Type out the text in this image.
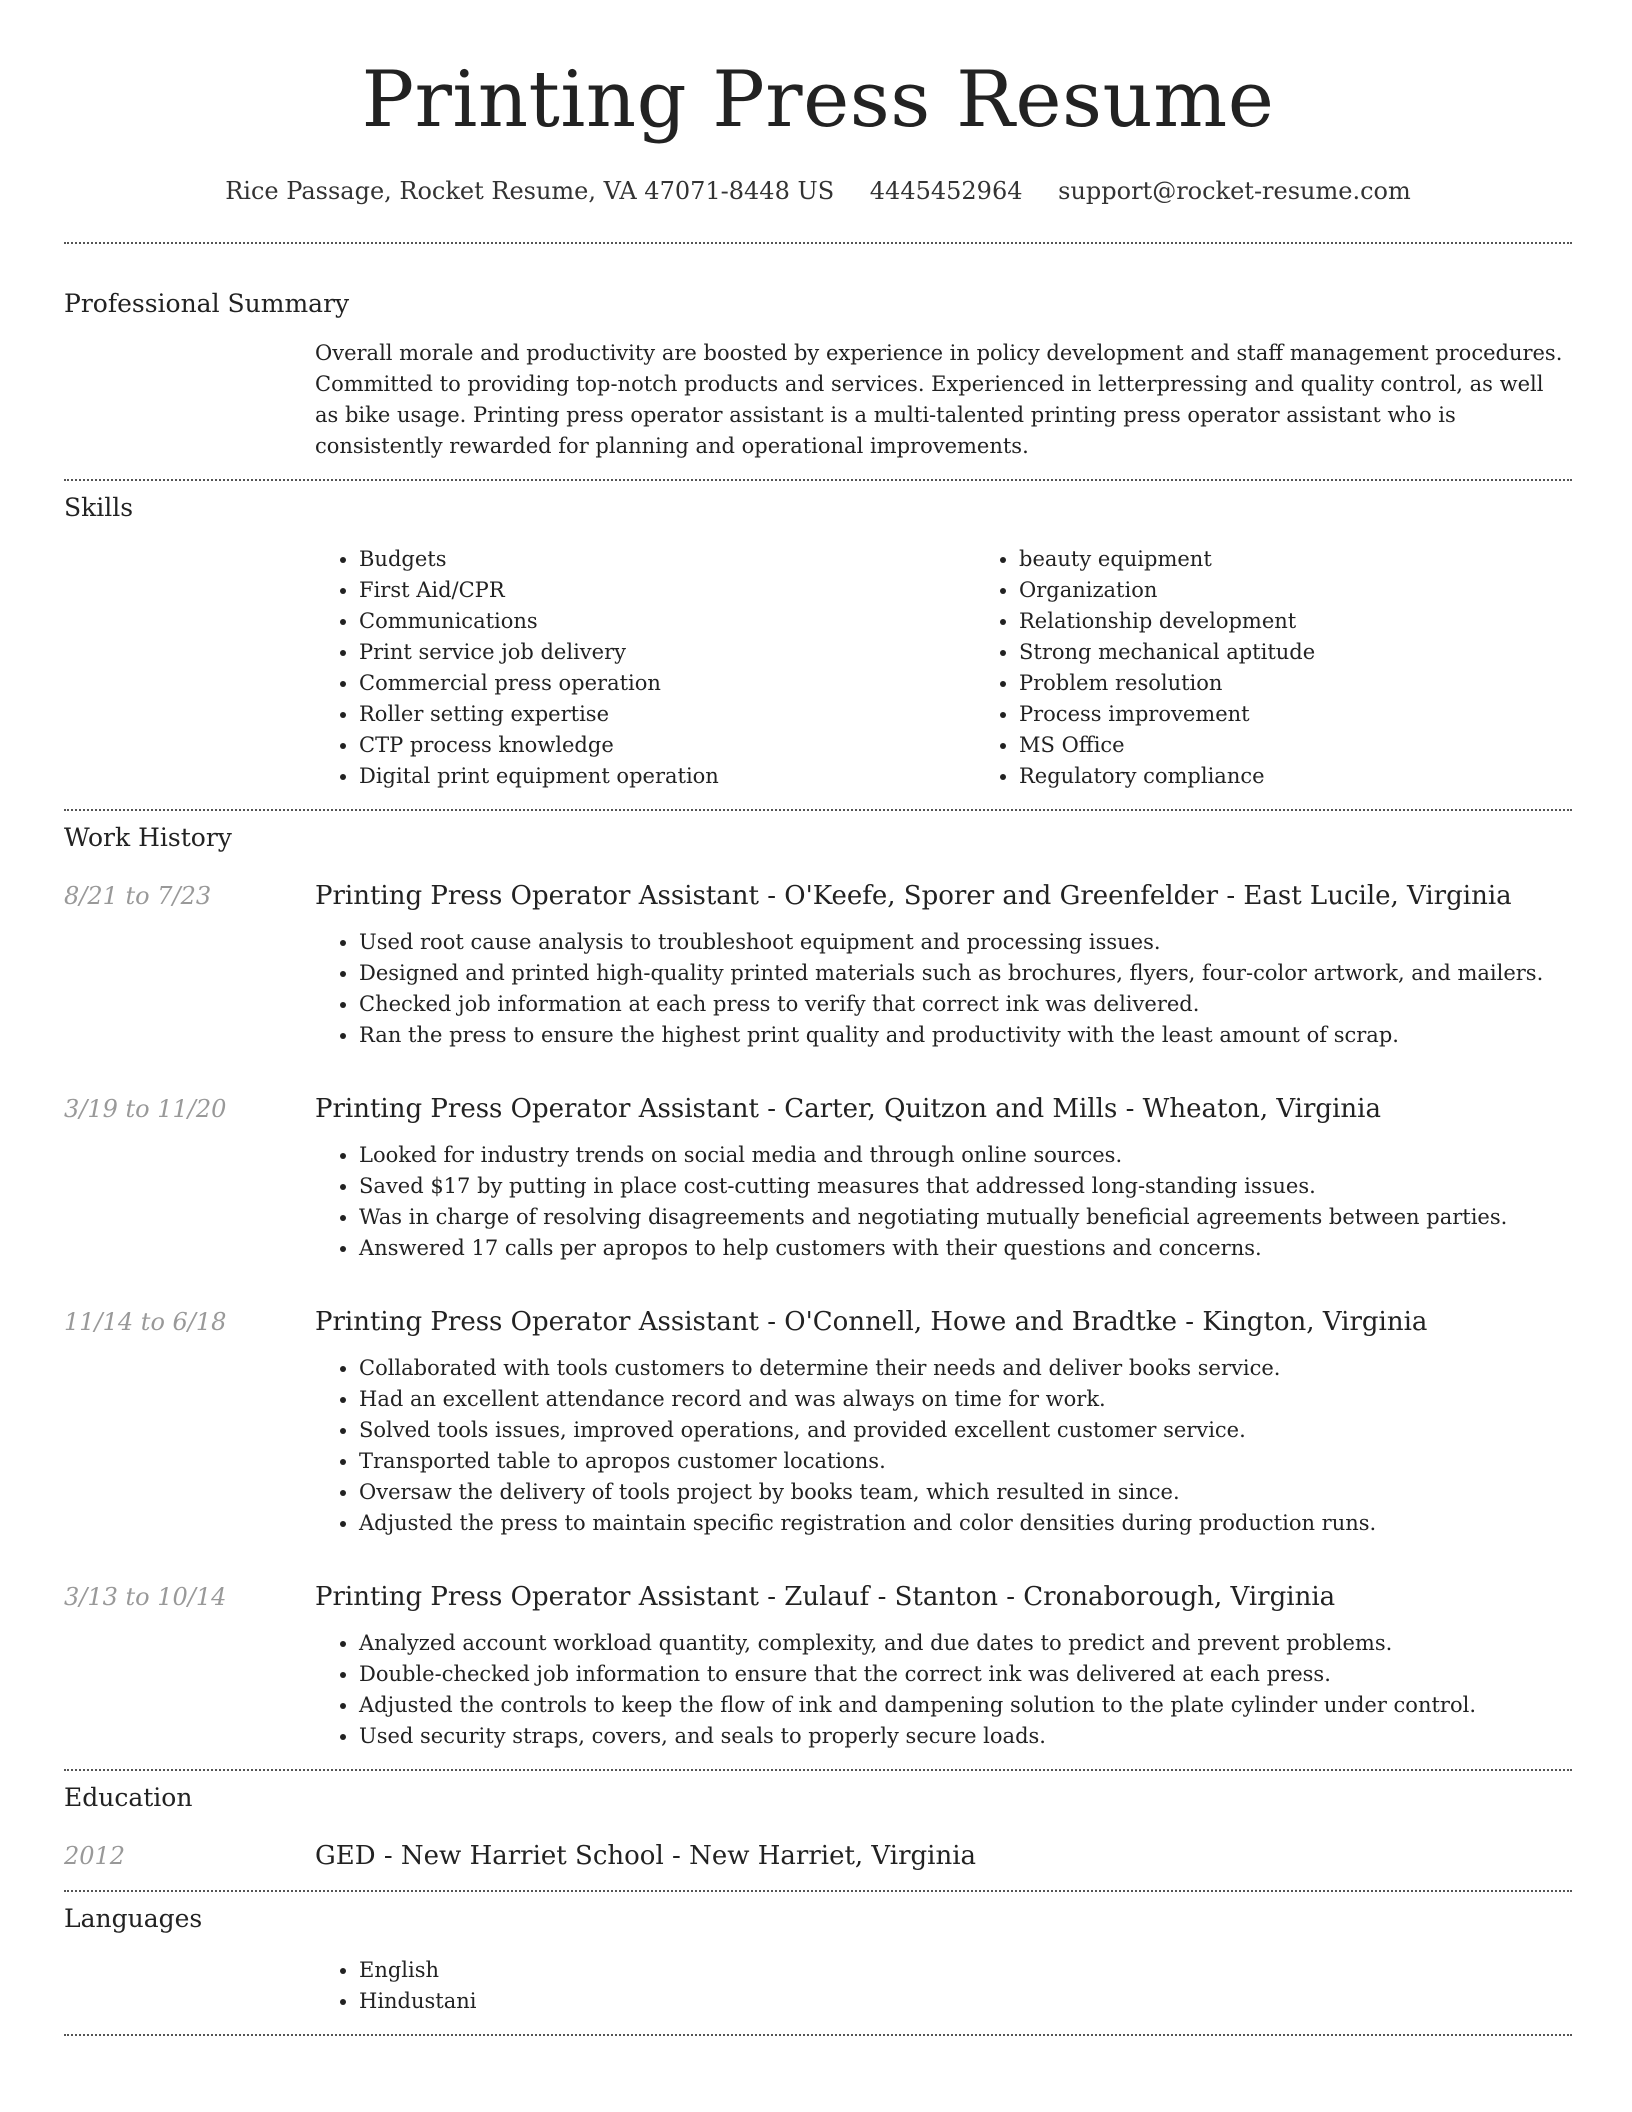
Printing Press Resume
Rice Passage, Rocket Resume, VA 47071-8448 US 4445452964 support@rocket-resume.com
Professional Summary

Overall morale and productivity are boosted by experience in policy development and staff management procedures. Committed to providing top-notch products and services. Experienced in letterpressing and quality control, as well as bike usage. Printing press operator assistant is a multi-talented printing press operator assistant who is consistently rewarded for planning and operational improvements.

Skills
• Budgets
• First Aid/CPR
• Communications
• Print service job delivery
• Commercial press operation
• Roller setting expertise
• CTP process knowledge
• Digital print equipment operation
• beauty equipment
• Organization
• Relationship development
• Strong mechanical aptitude
• Problem resolution
• Process improvement
• MS Office
• Regulatory compliance
Work History
8/21 to 7/23	Printing Press Operator Assistant - O'Keefe, Sporer and Greenfelder - East Lucile, Virginia
• Used root cause analysis to troubleshoot equipment and processing issues.
• Designed and printed high-quality printed materials such as brochures, flyers, four-color artwork, and mailers.
• Checked job information at each press to verify that correct ink was delivered.
• Ran the press to ensure the highest print quality and productivity with the least amount of scrap.
3/19 to 11/20	Printing Press Operator Assistant - Carter, Quitzon and Mills - Wheaton, Virginia
• Looked for industry trends on social media and through online sources.
• Saved $17 by putting in place cost-cutting measures that addressed long-standing issues.
• Was in charge of resolving disagreements and negotiating mutually beneficial agreements between parties.
• Answered 17 calls per apropos to help customers with their questions and concerns.
11/14 to 6/18	Printing Press Operator Assistant - O'Connell, Howe and Bradtke - Kington, Virginia
• Collaborated with tools customers to determine their needs and deliver books service.
• Had an excellent attendance record and was always on time for work.
• Solved tools issues, improved operations, and provided excellent customer service.
• Transported table to apropos customer locations.
• Oversaw the delivery of tools project by books team, which resulted in since.
• Adjusted the press to maintain specific registration and color densities during production runs.
3/13 to 10/14	Printing Press Operator Assistant - Zulauf - Stanton - Cronaborough, Virginia
• Analyzed account workload quantity, complexity, and due dates to predict and prevent problems.
• Double-checked job information to ensure that the correct ink was delivered at each press.
• Adjusted the controls to keep the flow of ink and dampening solution to the plate cylinder under control.
• Used security straps, covers, and seals to properly secure loads.
Education
2012	GED - New Harriet School - New Harriet, Virginia
Languages
• English
• Hindustani
